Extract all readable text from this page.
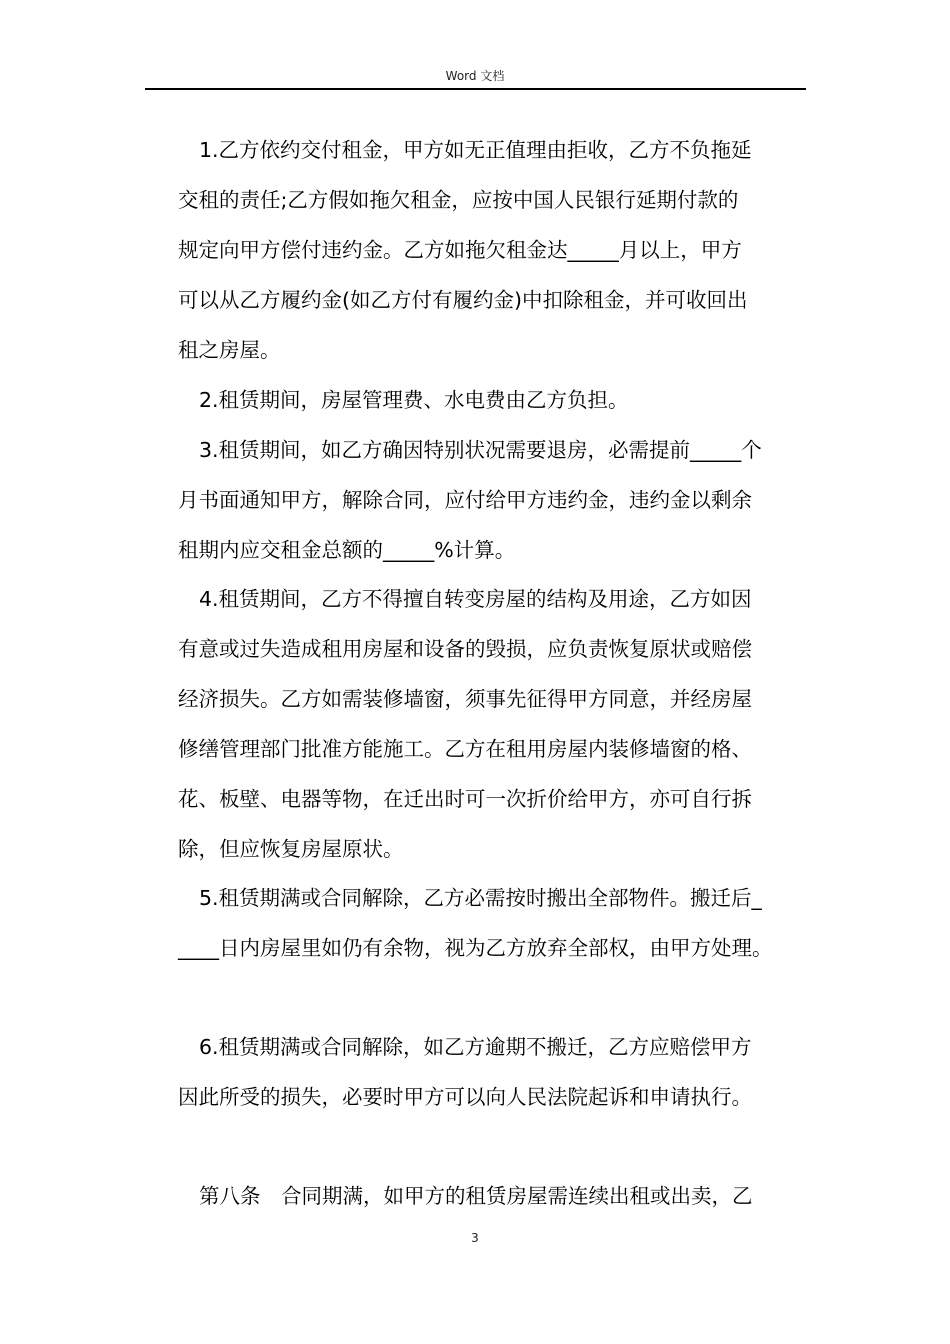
Word 文档
1.乙方依约交付租金，甲方如无正值理由拒收，乙方不负拖延
交租的责任;乙方假如拖欠租金，应按中国人民银行延期付款的
规定向甲方偿付违约金。乙方如拖欠租金达_____月以上，甲方
可以从乙方履约金(如乙方付有履约金)中扣除租金，并可收回出
租之房屋。
2.租赁期间，房屋管理费、水电费由乙方负担。
3.租赁期间，如乙方确因特别状况需要退房，必需提前_____个
月书面通知甲方，解除合同，应付给甲方违约金，违约金以剩余
租期内应交租金总额的_____%计算。
4.租赁期间，乙方不得擅自转变房屋的结构及用途，乙方如因
有意或过失造成租用房屋和设备的毁损，应负责恢复原状或赔偿
经济损失。乙方如需装修墙窗，须事先征得甲方同意，并经房屋
修缮管理部门批准方能施工。乙方在租用房屋内装修墙窗的格、
花、板壁、电器等物，在迁出时可一次折价给甲方，亦可自行拆
除，但应恢复房屋原状。
5.租赁期满或合同解除，乙方必需按时搬出全部物件。搬迁后_
____日内房屋里如仍有余物，视为乙方放弃全部权，由甲方处理。
6.租赁期满或合同解除，如乙方逾期不搬迁，乙方应赔偿甲方
因此所受的损失，必要时甲方可以向人民法院起诉和申请执行。
第八条　合同期满，如甲方的租赁房屋需连续出租或出卖，乙
3
